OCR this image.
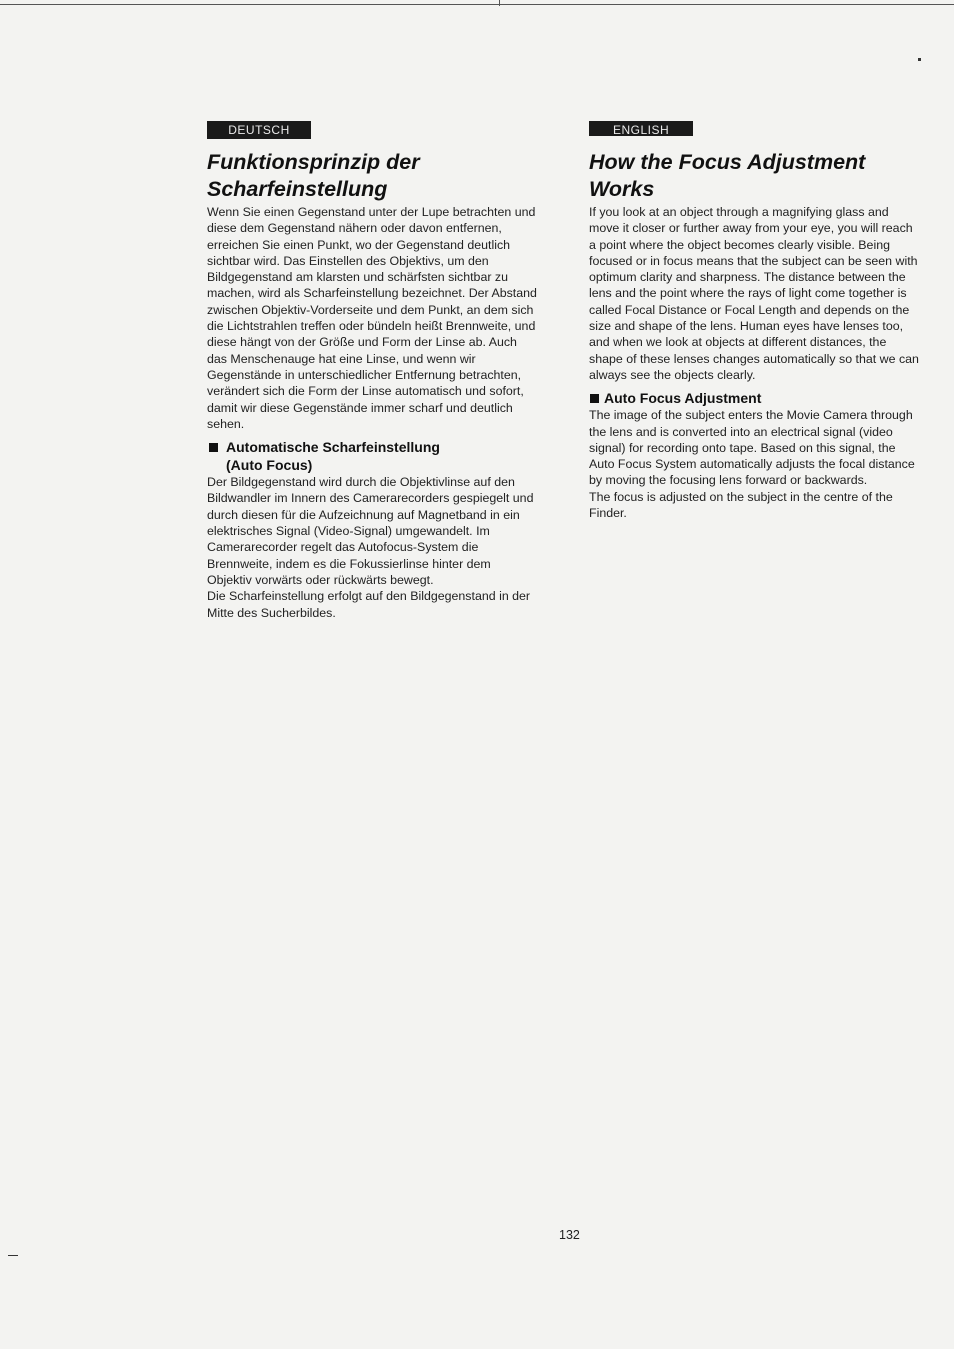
DEUTSCH
Funktionsprinzip der
Scharfeinstellung

Wenn Sie einen Gegenstand unter der Lupe betrachten und diese dem Gegenstand nähern oder davon entfernen, erreichen Sie einen Punkt, wo der Gegenstand deutlich sichtbar wird. Das Einstellen des Objektivs, um den Bildgegenstand am klarsten und schärfsten sichtbar zu machen, wird als Scharfeinstellung bezeichnet. Der Abstand zwischen Objektiv-Vorderseite und dem Punkt, an dem sich die Lichtstrahlen treffen oder bündeln heißt Brennweite, und diese hängt von der Größe und Form der Linse ab. Auch das Menschenauge hat eine Linse, und wenn wir Gegenstände in unterschiedlicher Entfernung betrachten, verändert sich die Form der Linse automatisch und sofort, damit wir diese Gegenstände immer scharf und deutlich sehen.

Automatische Scharfeinstellung
(Auto Focus)

Der Bildgegenstand wird durch die Objektivlinse auf den Bildwandler im Innern des Camerarecorders gespiegelt und durch diesen für die Aufzeichnung auf Magnetband in ein elektrisches Signal (Video-Signal) umgewandelt. Im Camerarecorder regelt das Autofocus-System die Brennweite, indem es die Fokussierlinse hinter dem Objektiv vorwärts oder rückwärts bewegt.

Die Scharfeinstellung erfolgt auf den Bildgegenstand in der Mitte des Sucherbildes.

ENGLISH
How the Focus Adjustment
Works

If you look at an object through a magnifying glass and move it closer or further away from your eye, you will reach a point where the object becomes clearly visible. Being focused or in focus means that the subject can be seen with optimum clarity and sharpness. The distance between the lens and the point where the rays of light come together is called Focal Distance or Focal Length and depends on the size and shape of the lens. Human eyes have lenses too, and when we look at objects at different distances, the shape of these lenses changes automatically so that we can always see the objects clearly.

Auto Focus Adjustment

The image of the subject enters the Movie Camera through the lens and is converted into an electrical signal (video signal) for recording onto tape. Based on this signal, the Auto Focus System automatically adjusts the focal distance by moving the focusing lens forward or backwards.

The focus is adjusted on the subject in the centre of the Finder.

132
